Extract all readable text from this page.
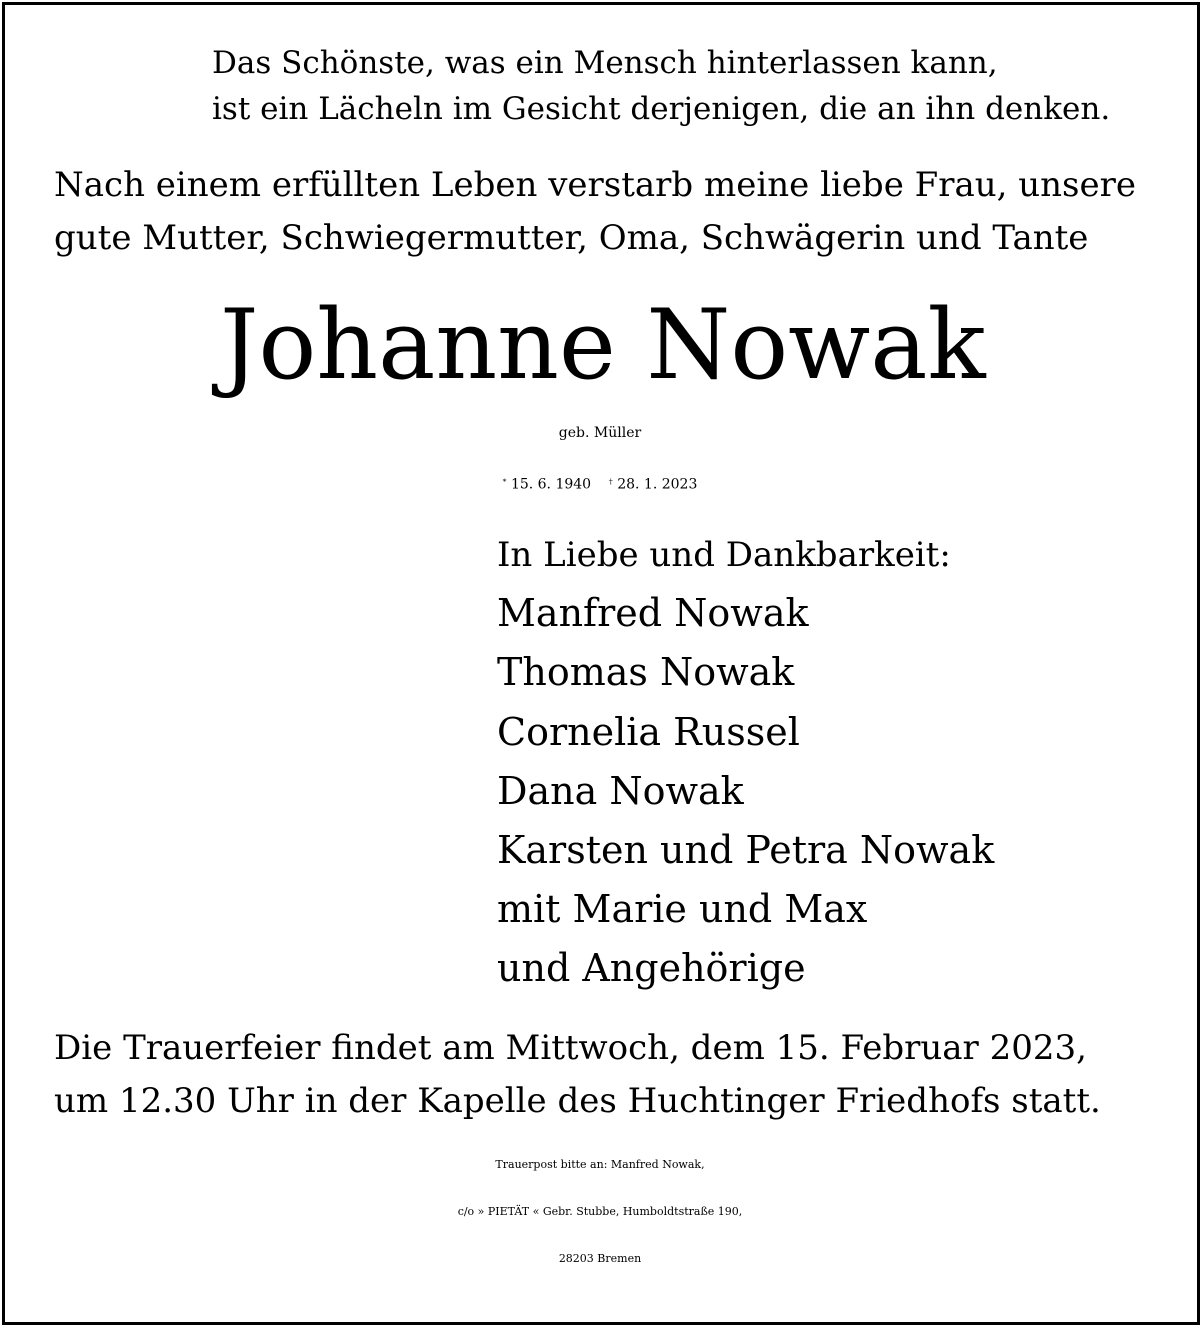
Das Schönste, was ein Mensch hinterlassen kann,

ist ein Lächeln im Gesicht derjenigen, die an ihn denken.

Nach einem erfüllten Leben verstarb meine liebe Frau, unsere

gute Mutter, Schwiegermutter, Oma, Schwägerin und Tante

Johanne Nowak

geb. Müller

* 15. 6. 1940 † 28. 1. 2023

In Liebe und Dankbarkeit:

Manfred Nowak

Thomas Nowak

Cornelia Russel

Dana Nowak

Karsten und Petra Nowak

mit Marie und Max

und Angehörige

Die Trauerfeier findet am Mittwoch, dem 15. Februar 2023,

um 12.30 Uhr in der Kapelle des Huchtinger Friedhofs statt.

Trauerpost bitte an: Manfred Nowak,

c/o » PIETÄT « Gebr. Stubbe, Humboldtstraße 190,

28203 Bremen
